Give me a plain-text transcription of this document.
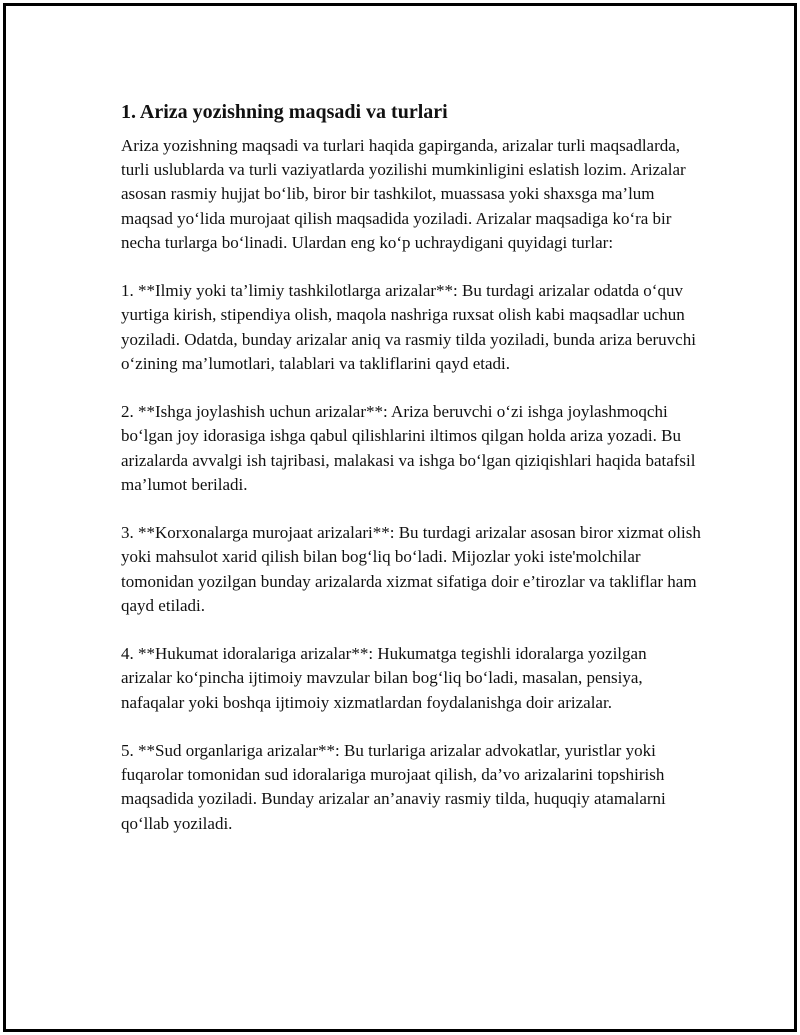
1. Ariza yozishning maqsadi va turlari

Ariza yozishning maqsadi va turlari haqida gapirganda, arizalar turli maqsadlarda, turli uslublarda va turli vaziyatlarda yozilishi mumkinligini eslatish lozim. Arizalar asosan rasmiy hujjat bo‘lib, biror bir tashkilot, muassasa yoki shaxsga ma’lum maqsad yo‘lida murojaat qilish maqsadida yoziladi. Arizalar maqsadiga ko‘ra bir necha turlarga bo‘linadi. Ulardan eng ko‘p uchraydigani quyidagi turlar:

1. **Ilmiy yoki ta’limiy tashkilotlarga arizalar**: Bu turdagi arizalar odatda o‘quv yurtiga kirish, stipendiya olish, maqola nashriga ruxsat olish kabi maqsadlar uchun yoziladi. Odatda, bunday arizalar aniq va rasmiy tilda yoziladi, bunda ariza beruvchi o‘zining ma’lumotlari, talablari va takliflarini qayd etadi.

2. **Ishga joylashish uchun arizalar**: Ariza beruvchi o‘zi ishga joylashmoqchi bo‘lgan joy idorasiga ishga qabul qilishlarini iltimos qilgan holda ariza yozadi. Bu arizalarda avvalgi ish tajribasi, malakasi va ishga bo‘lgan qiziqishlari haqida batafsil ma’lumot beriladi.

3. **Korxonalarga murojaat arizalari**: Bu turdagi arizalar asosan biror xizmat olish yoki mahsulot xarid qilish bilan bog‘liq bo‘ladi. Mijozlar yoki iste'molchilar tomonidan yozilgan bunday arizalarda xizmat sifatiga doir e’tirozlar va takliflar ham qayd etiladi.

4. **Hukumat idoralariga arizalar**: Hukumatga tegishli idoralarga yozilgan arizalar ko‘pincha ijtimoiy mavzular bilan bog‘liq bo‘ladi, masalan, pensiya, nafaqalar yoki boshqa ijtimoiy xizmatlardan foydalanishga doir arizalar.

5. **Sud organlariga arizalar**: Bu turlariga arizalar advokatlar, yuristlar yoki fuqarolar tomonidan sud idoralariga murojaat qilish, da’vo arizalarini topshirish maqsadida yoziladi. Bunday arizalar an’anaviy rasmiy tilda, huquqiy atamalarni qo‘llab yoziladi.
